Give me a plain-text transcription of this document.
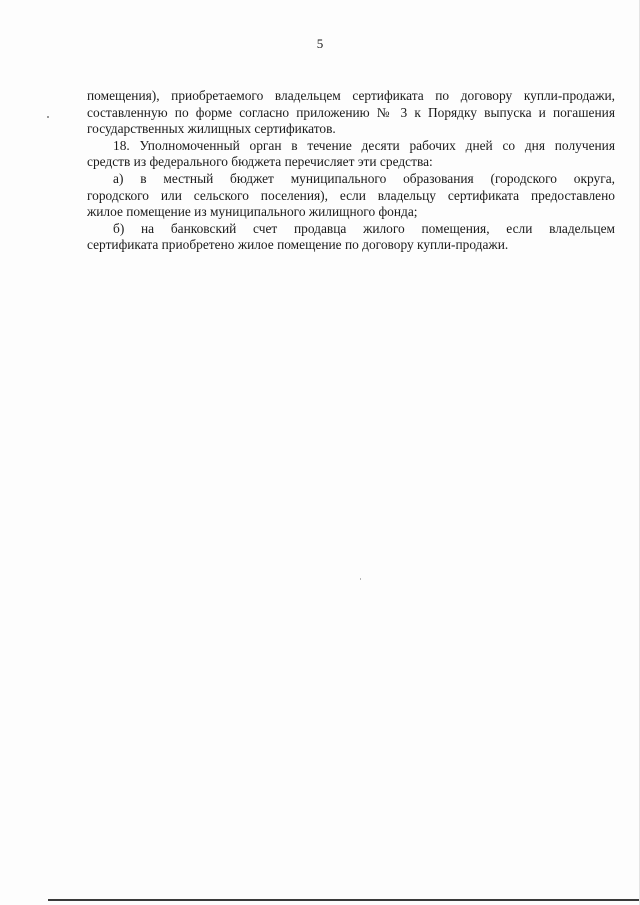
5
помещения), приобретаемого владельцем сертификата по договору купли-продажи,
составленную по форме согласно приложению № 3 к Порядку выпуска и погашения
государственных жилищных сертификатов.
18. Уполномоченный орган в течение десяти рабочих дней со дня получения
средств из федерального бюджета перечисляет эти средства:
а) в местный бюджет муниципального образования (городского округа,
городского или сельского поселения), если владельцу сертификата предоставлено
жилое помещение из муниципального жилищного фонда;
б) на банковский счет продавца жилого помещения, если владельцем
сертификата приобретено жилое помещение по договору купли-продажи.
